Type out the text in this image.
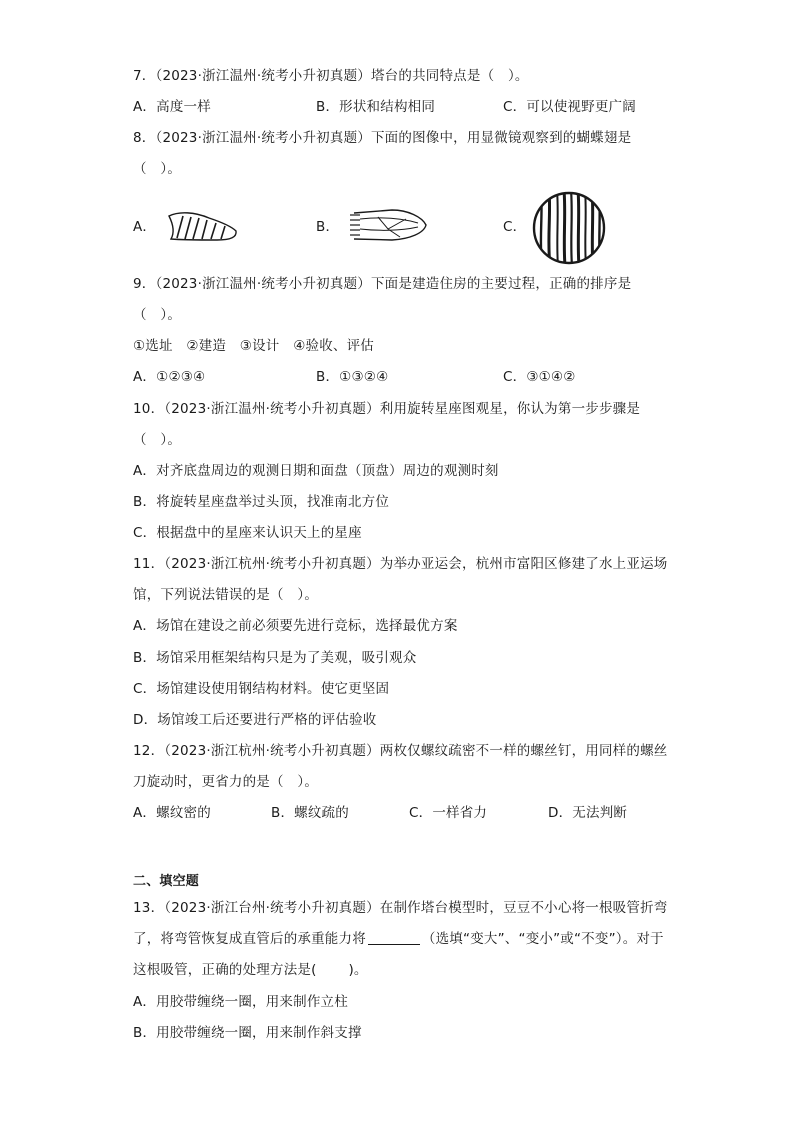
7．（2023·浙江温州·统考小升初真题）塔台的共同特点是（　）。
A．高度一样	B．形状和结构相同	C．可以使视野更广阔
8．（2023·浙江温州·统考小升初真题）下面的图像中，用显微镜观察到的蝴蝶翅是
（　）。
A．	B．	C．
9．（2023·浙江温州·统考小升初真题）下面是建造住房的主要过程，正确的排序是
（　）。
①选址　②建造　③设计　④验收、评估
A．①②③④	B．①③②④	C．③①④②
10．（2023·浙江温州·统考小升初真题）利用旋转星座图观星，你认为第一步步骤是
（　）。
A．对齐底盘周边的观测日期和面盘（顶盘）周边的观测时刻
B．将旋转星座盘举过头顶，找准南北方位
C．根据盘中的星座来认识天上的星座
11．（2023·浙江杭州·统考小升初真题）为举办亚运会，杭州市富阳区修建了水上亚运场
馆，下列说法错误的是（　）。
A．场馆在建设之前必须要先进行竞标，选择最优方案
B．场馆采用框架结构只是为了美观，吸引观众
C．场馆建设使用钢结构材料。使它更坚固
D．场馆竣工后还要进行严格的评估验收
12．（2023·浙江杭州·统考小升初真题）两枚仅螺纹疏密不一样的螺丝钉，用同样的螺丝
刀旋动时，更省力的是（　）。
A．螺纹密的	B．螺纹疏的	C．一样省力	D．无法判断
二、填空题
13．（2023·浙江台州·统考小升初真题）在制作塔台模型时，豆豆不小心将一根吸管折弯
了，将弯管恢复成直管后的承重能力将	（选填“变大”、“变小”或“不变”）。对于
这根吸管，正确的处理方法是(　　 )。
A．用胶带缠绕一圈，用来制作立柱
B．用胶带缠绕一圈，用来制作斜支撑
